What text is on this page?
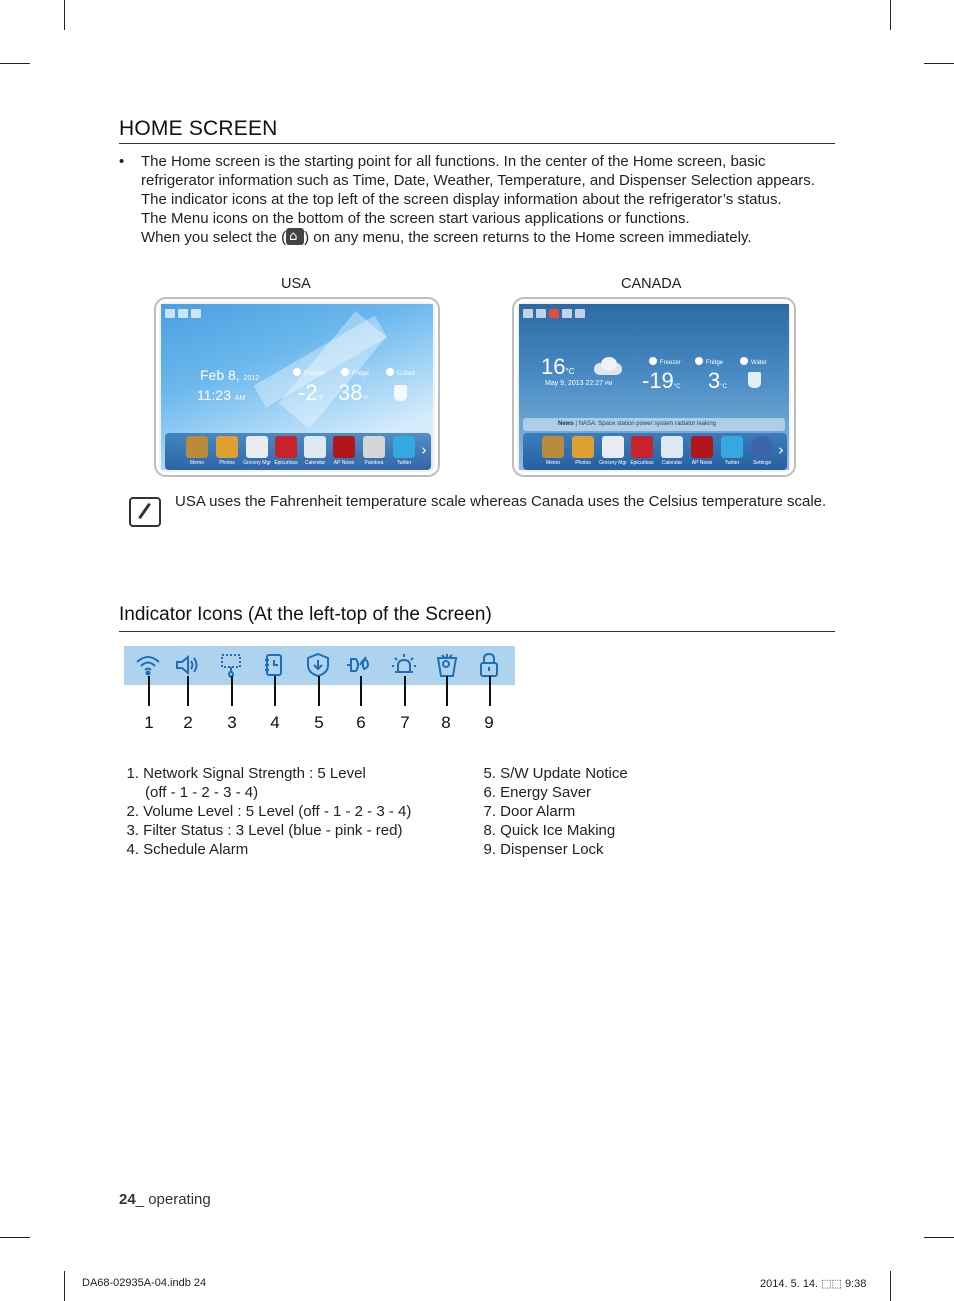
HOME SCREEN
• The Home screen is the starting point for all functions. In the center of the Home screen, basic

refrigerator information such as Time, Date, Weather, Temperature, and Dispenser Selection appears.

The indicator icons at the top left of the screen display information about the refrigerator’s status.

The Menu icons on the bottom of the screen start various applications or functions.

When you select the (⌂ ) on any menu, the screen returns to the Home screen immediately.

USA	CANADA
Feb 8, 2012
11:23 AM
Freezer
-2°F
Fridge
38°F
Cubed
›
Memo	Photos Grocery Mgr Epicurious Calendar AP News Pandora	Twitter
16°C
May 9, 2013 22:27 PM
Freezer
-19°C
Fridge
3°C
Water
News | NASA: Space station power system radiator leaking
›
Memo	Photos Grocery Mgr Epicurious Calendar AP News Twitter	Settings
USA uses the Fahrenheit temperature scale whereas Canada uses the Celsius temperature scale.
Indicator Icons (At the left-top of the Screen)
1 2 3 4 5 6 7 8 9
1. Network Signal Strength : 5 Level
(off - 1 - 2 - 3 - 4)
2. Volume Level : 5 Level (off - 1 - 2 - 3 - 4)
3. Filter Status : 3 Level (blue - pink - red)
4. Schedule Alarm
5. S/W Update Notice
6. Energy Saver
7. Door Alarm
8. Quick Ice Making
9. Dispenser Lock
24_ operating
DA68-02935A-04.indb 24	2014. 5. 14. ⬚⬚ 9:38
